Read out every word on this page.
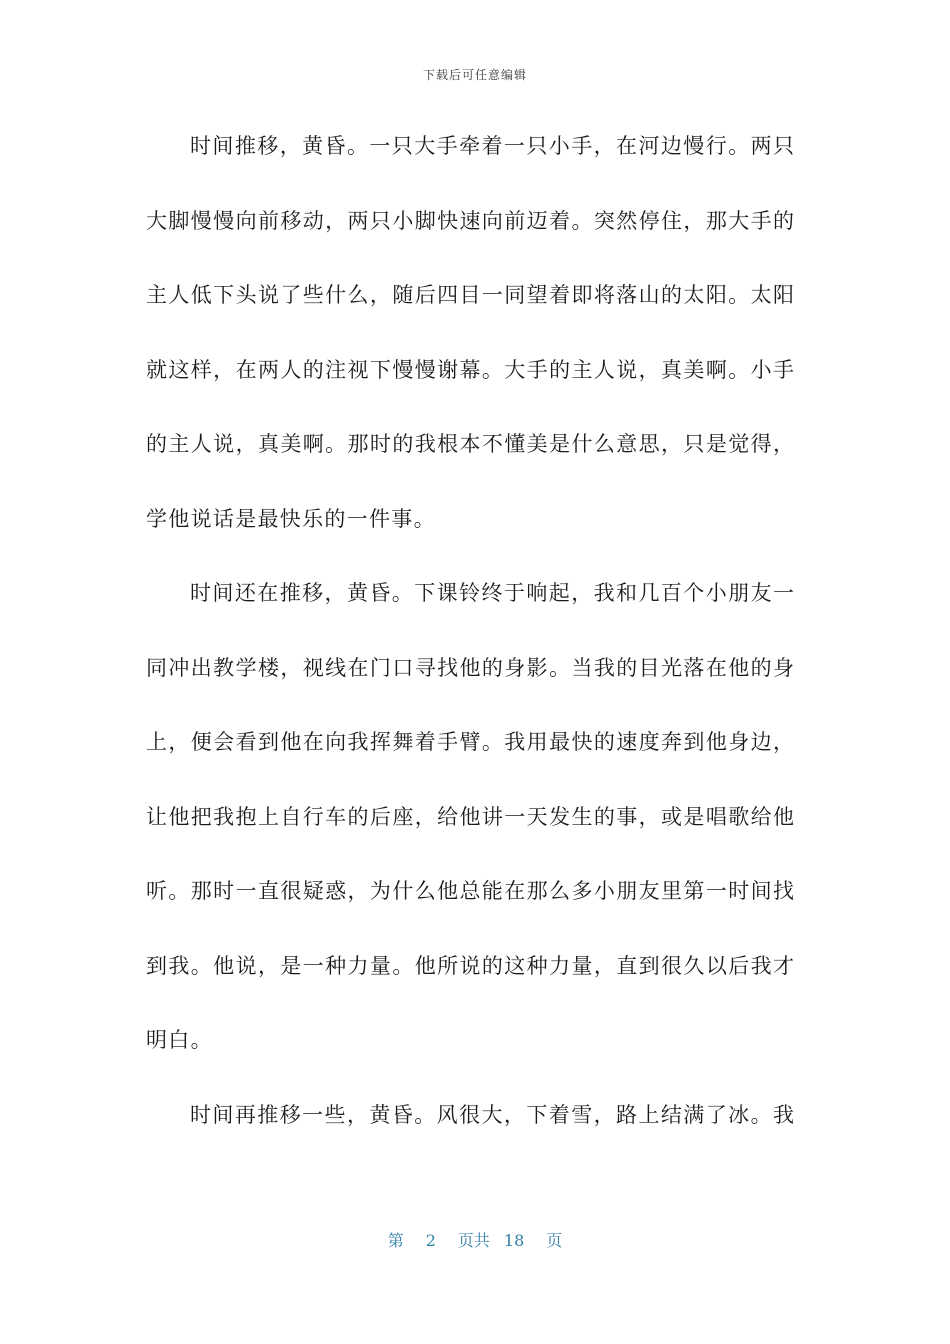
下载后可任意编辑
时间推移，黄昏。一只大手牵着一只小手，在河边慢行。两只
大脚慢慢向前移动，两只小脚快速向前迈着。突然停住，那大手的
主人低下头说了些什么，随后四目一同望着即将落山的太阳。太阳
就这样，在两人的注视下慢慢谢幕。大手的主人说，真美啊。小手
的主人说，真美啊。那时的我根本不懂美是什么意思，只是觉得，
学他说话是最快乐的一件事。
时间还在推移，黄昏。下课铃终于响起，我和几百个小朋友一
同冲出教学楼，视线在门口寻找他的身影。当我的目光落在他的身
上，便会看到他在向我挥舞着手臂。我用最快的速度奔到他身边，
让他把我抱上自行车的后座，给他讲一天发生的事，或是唱歌给他
听。那时一直很疑惑，为什么他总能在那么多小朋友里第一时间找
到我。他说，是一种力量。他所说的这种力量，直到很久以后我才
明白。
时间再推移一些，黄昏。风很大，下着雪，路上结满了冰。我
第 2 页共 18 页
